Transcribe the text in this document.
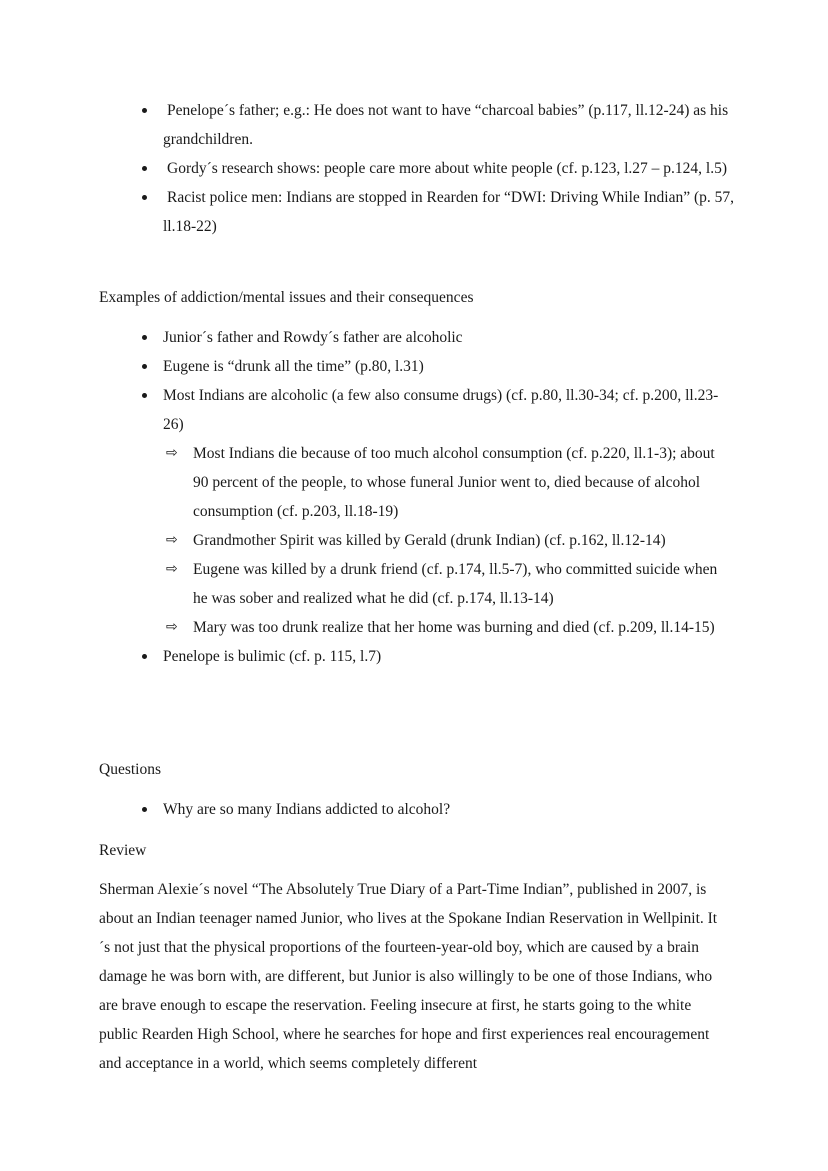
Penelope´s father; e.g.: He does not want to have “charcoal babies” (p.117, ll.12-24) as his grandchildren.
Gordy´s research shows: people care more about white people (cf. p.123, l.27 – p.124, l.5)
Racist police men: Indians are stopped in Rearden for “DWI: Driving While Indian” (p. 57, ll.18-22)
Examples of addiction/mental issues and their consequences
Junior´s father and Rowdy´s father are alcoholic
Eugene is “drunk all the time” (p.80, l.31)
Most Indians are alcoholic (a few also consume drugs) (cf. p.80, ll.30-34; cf. p.200, ll.23-26)
⇨ Most Indians die because of too much alcohol consumption (cf. p.220, ll.1-3); about 90 percent of the people, to whose funeral Junior went to, died because of alcohol consumption (cf. p.203, ll.18-19)
⇨ Grandmother Spirit was killed by Gerald (drunk Indian) (cf. p.162, ll.12-14)
⇨ Eugene was killed by a drunk friend (cf. p.174, ll.5-7), who committed suicide when he was sober and realized what he did (cf. p.174, ll.13-14)
⇨ Mary was too drunk realize that her home was burning and died (cf. p.209, ll.14-15)
Penelope is bulimic (cf. p. 115, l.7)
Questions
Why are so many Indians addicted to alcohol?
Review
Sherman Alexie´s novel “The Absolutely True Diary of a Part-Time Indian”, published in 2007, is about an Indian teenager named Junior, who lives at the Spokane Indian Reservation in Wellpinit. It´s not just that the physical proportions of the fourteen-year-old boy, which are caused by a brain damage he was born with, are different, but Junior is also willingly to be one of those Indians, who are brave enough to escape the reservation. Feeling insecure at first, he starts going to the white public Rearden High School, where he searches for hope and first experiences real encouragement and acceptance in a world, which seems completely different
